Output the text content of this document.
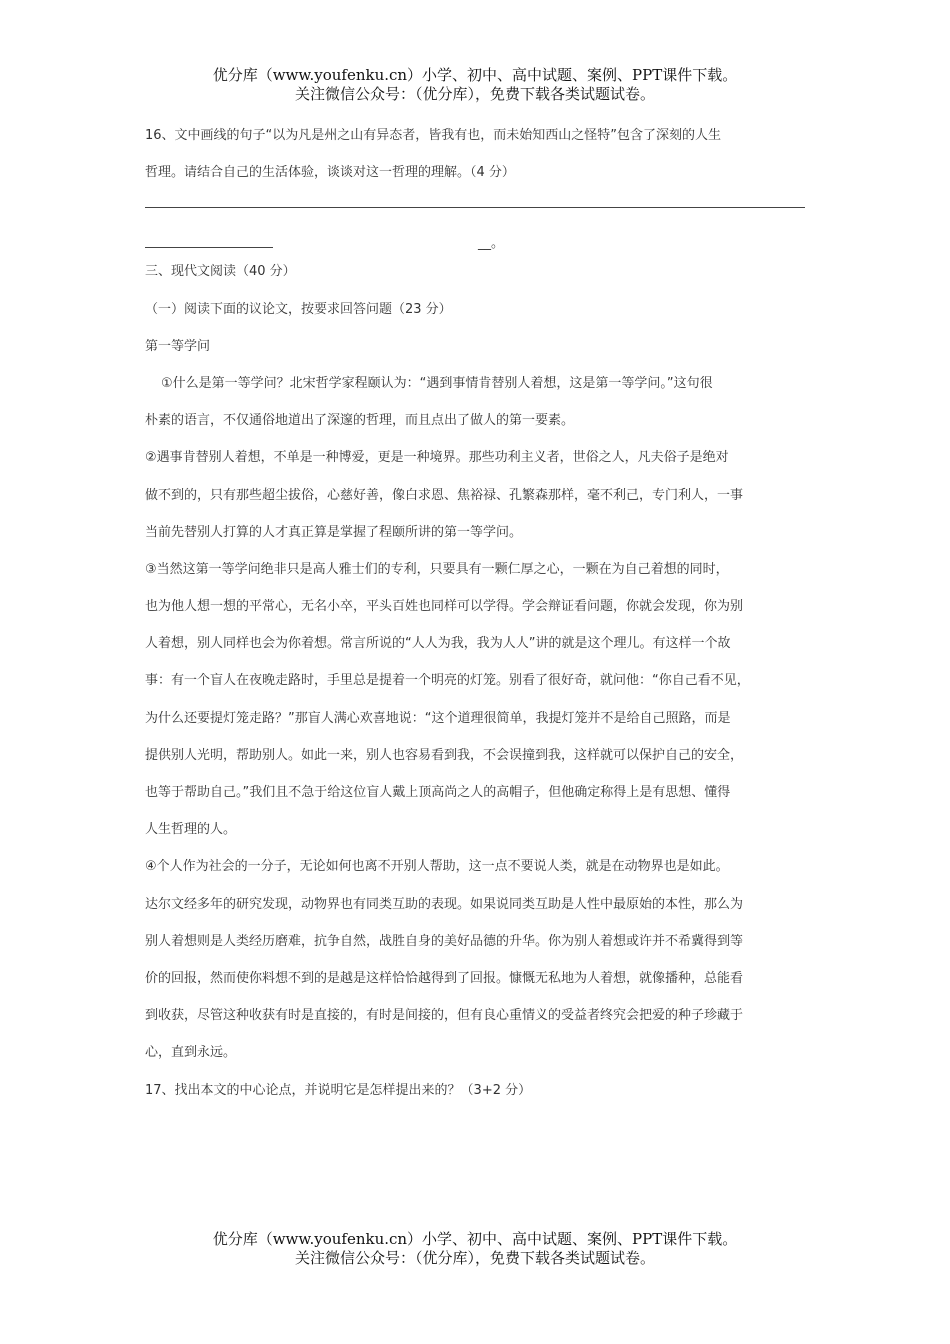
优分库（www.youfenku.cn）小学、初中、高中试题、案例、PPT课件下载。
关注微信公众号：（优分库），免费下载各类试题试卷。
16、文中画线的句子“以为凡是州之山有异态者，皆我有也，而未始知西山之怪特”包含了深刻的人生
哲理。请结合自己的生活体验，谈谈对这一哲理的理解。（4 分）
__。
三、现代文阅读（40 分）
（一）阅读下面的议论文，按要求回答问题（23 分）
第一等学问
①什么是第一等学问？北宋哲学家程颐认为：“遇到事情肯替别人着想，这是第一等学问。”这句很
朴素的语言，不仅通俗地道出了深邃的哲理，而且点出了做人的第一要素。
②遇事肯替别人着想，不单是一种博爱，更是一种境界。那些功利主义者，世俗之人，凡夫俗子是绝对
做不到的，只有那些超尘拔俗，心慈好善，像白求恩、焦裕禄、孔繁森那样，毫不利己，专门利人，一事
当前先替别人打算的人才真正算是掌握了程颐所讲的第一等学问。
③当然这第一等学问绝非只是高人雅士们的专利，只要具有一颗仁厚之心，一颗在为自己着想的同时，
也为他人想一想的平常心，无名小卒，平头百姓也同样可以学得。学会辩证看问题，你就会发现，你为别
人着想，别人同样也会为你着想。常言所说的“人人为我，我为人人”讲的就是这个理儿。有这样一个故
事：有一个盲人在夜晚走路时，手里总是提着一个明亮的灯笼。别看了很好奇，就问他：“你自己看不见，
为什么还要提灯笼走路？”那盲人满心欢喜地说：“这个道理很简单，我提灯笼并不是给自己照路，而是
提供别人光明，帮助别人。如此一来，别人也容易看到我，不会误撞到我，这样就可以保护自己的安全，
也等于帮助自己。”我们且不急于给这位盲人戴上顶高尚之人的高帽子，但他确定称得上是有思想、懂得
人生哲理的人。
④个人作为社会的一分子，无论如何也离不开别人帮助，这一点不要说人类，就是在动物界也是如此。
达尔文经多年的研究发现，动物界也有同类互助的表现。如果说同类互助是人性中最原始的本性，那么为
别人着想则是人类经历磨难，抗争自然，战胜自身的美好品德的升华。你为别人着想或许并不希冀得到等
价的回报，然而使你料想不到的是越是这样恰恰越得到了回报。慷慨无私地为人着想，就像播种，总能看
到收获，尽管这种收获有时是直接的，有时是间接的，但有良心重情义的受益者终究会把爱的种子珍藏于
心，直到永远。
17、找出本文的中心论点，并说明它是怎样提出来的？（3+2 分）
优分库（www.youfenku.cn）小学、初中、高中试题、案例、PPT课件下载。
关注微信公众号：（优分库），免费下载各类试题试卷。
